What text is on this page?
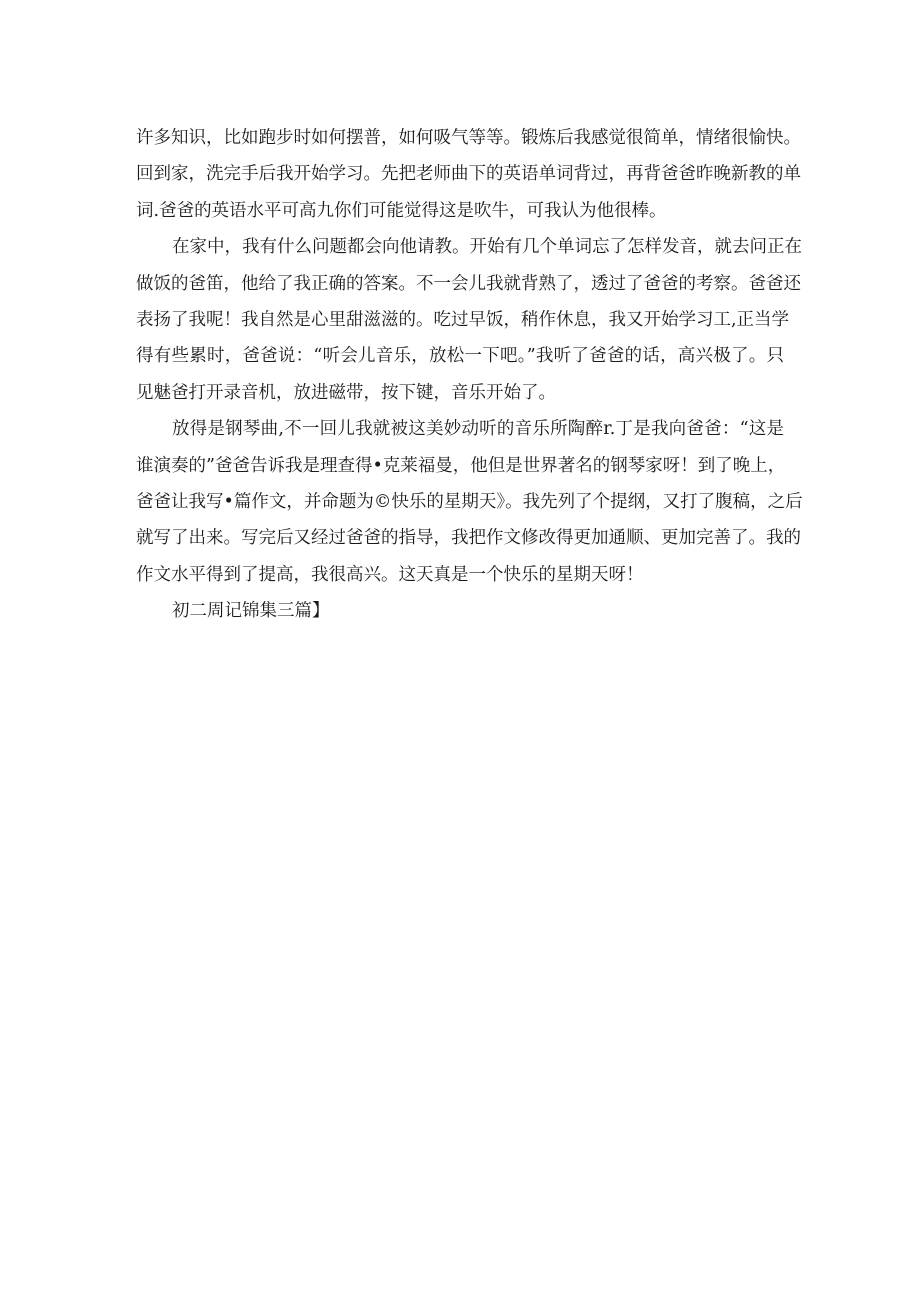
许多知识，比如跑步时如何摆普，如何吸气等等。锻炼后我感觉很简单，情绪很愉快。
回到家，洗完手后我开始学习。先把老师曲下的英语单词背过，再背爸爸昨晚新教的单
词.爸爸的英语水平可高九你们可能觉得这是吹牛，可我认为他很棒。
在家中，我有什么问题都会向他请教。开始有几个单词忘了怎样发音，就去问正在
做饭的爸笛，他给了我正确的答案。不一会儿我就背熟了，透过了爸爸的考察。爸爸还
表扬了我呢！我自然是心里甜滋滋的。吃过早饭，稍作休息，我又开始学习工,正当学
得有些累时，爸爸说：“听会儿音乐，放松一下吧。”我听了爸爸的话，高兴极了。只
见魅爸打开录音机，放进磁带，按下键，音乐开始了。
放得是钢琴曲,不一回儿我就被这美妙动听的音乐所陶醉r.丁是我向爸爸：“这是
谁演奏的”爸爸告诉我是理查得•克莱福曼，他但是世界著名的钢琴家呀！到了晚上，
爸爸让我写•篇作文，并命题为©快乐的星期天》。我先列了个提纲，又打了腹稿，之后
就写了出来。写完后又经过爸爸的指导，我把作文修改得更加通顺、更加完善了。我的
作文水平得到了提高，我很高兴。这天真是一个快乐的星期天呀！
初二周记锦集三篇】
